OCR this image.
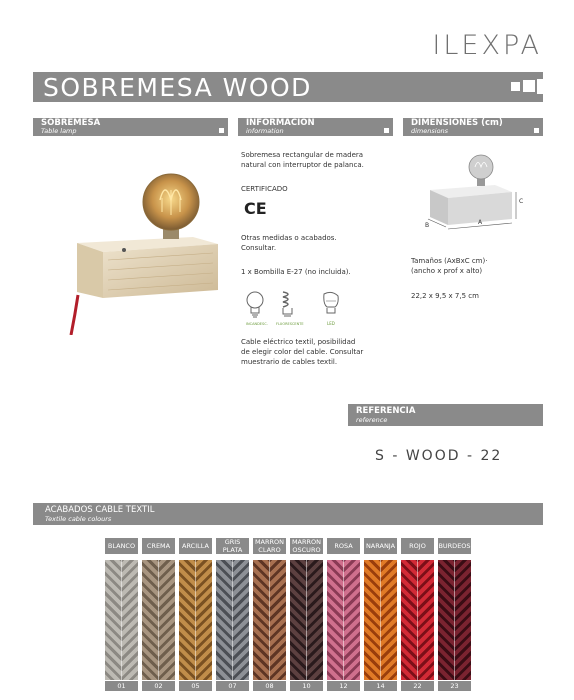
ILEXPA
SOBREMESA WOOD
SOBREMESA
Table lamp
INFORMACIÓN
information
DIMENSIONES (cm)
dimensions
Sobremesa rectangular de madera
natural con interruptor de palanca.
CERTIFICADO
CE
Otras medidas o acabados.
Consultar.
1 x Bombilla E-27 (no incluida).
INCANDESC. FLUORESCENTE	LED
Cable eléctrico textil, posibilidad
de elegir color del cable. Consultar
muestrario de cables textil.
A
B
C
Tamaños (AxBxC cm)·
(ancho x prof x alto)
22,2 x 9,5 x 7,5 cm
REFERENCIA
reference
S - WOOD - 22
ACABADOS CABLE TEXTIL
Textile cable colours
BLANCO
01
CREMA
02
ARCILLA
05
GRIS
PLATA
07
MARRON
CLARO
08
MARRON
OSCURO
10
ROSA
12
NARANJA
14
ROJO
22
BURDEOS
23
